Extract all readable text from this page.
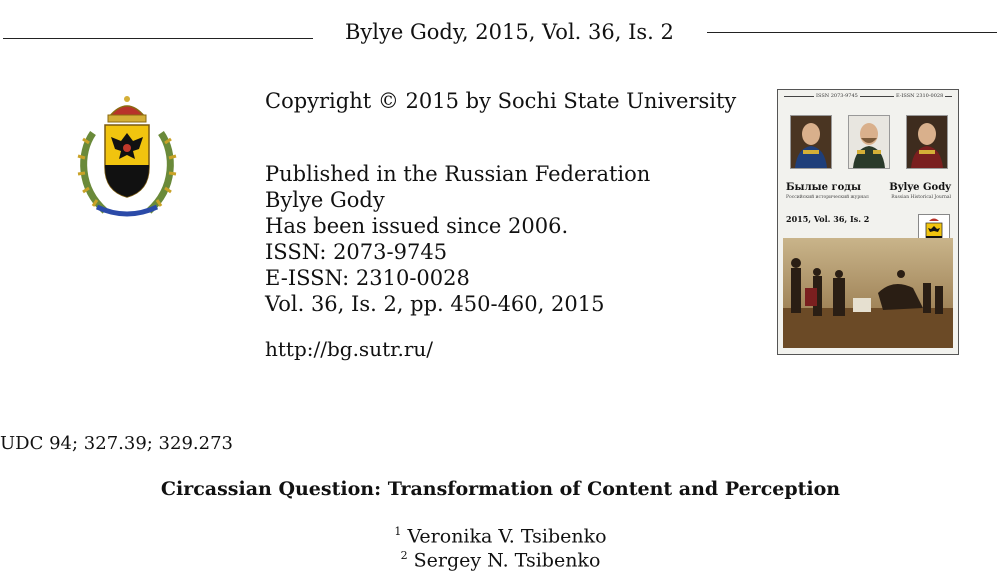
Bylye Gody, 2015, Vol. 36, Is. 2
Copyright © 2015 by Sochi State University
Published in the Russian Federation
Bylye Gody
Has been issued since 2006.
ISSN: 2073-9745
E-ISSN: 2310-0028
Vol. 36, Is. 2, pp. 450-460, 2015
http://bg.sutr.ru/
ISSN 2073-9745	E-ISSN 2310-0028
Былые годы
Российский исторический журнал
Bylye Gody
Russian Historical Journal
2015, Vol. 36, Is. 2
UDC 94; 327.39; 329.273
Circassian Question: Transformation of Content and Perception
$^1$ Veronika V. Tsibenko
$^2$ Sergey N. Tsibenko
